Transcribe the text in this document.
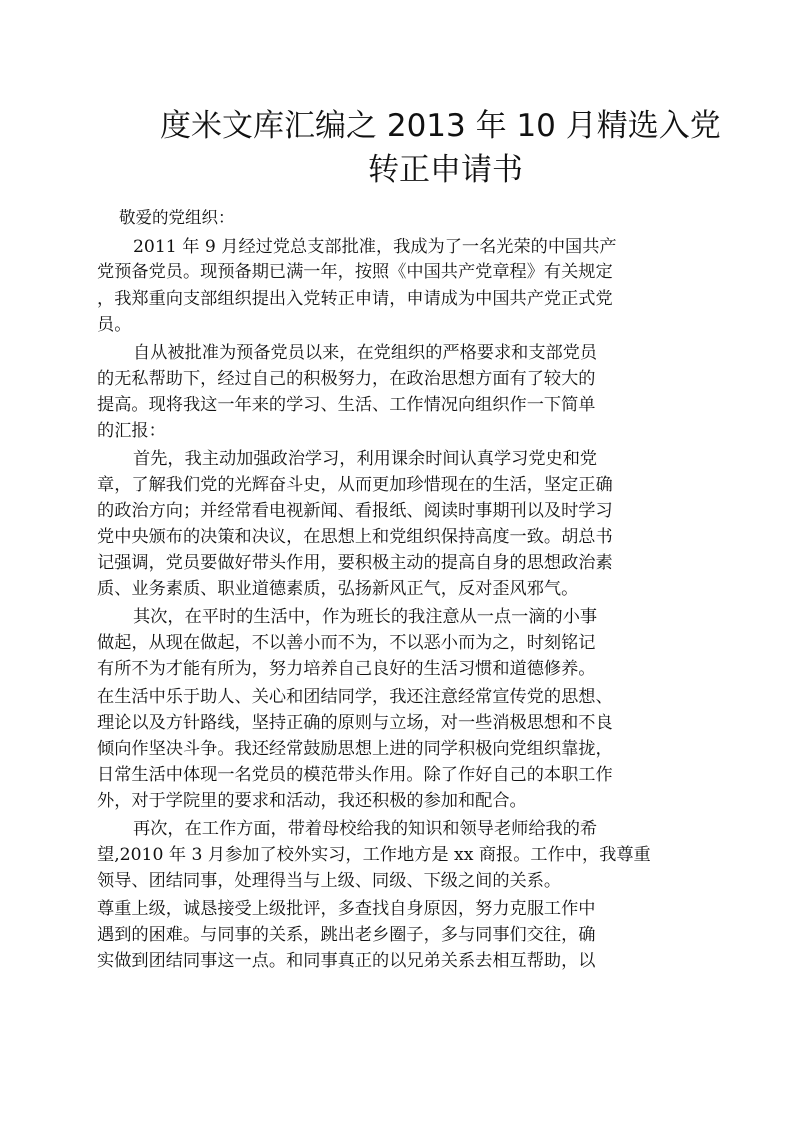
度米文库汇编之 2013 年 10 月精选入党
转正申请书
敬爱的党组织：
2011 年 9 月经过党总支部批准，我成为了一名光荣的中国共产
党预备党员。现预备期已满一年，按照《中国共产党章程》有关规定
，我郑重向支部组织提出入党转正申请，申请成为中国共产党正式党
员。
自从被批准为预备党员以来，在党组织的严格要求和支部党员
的无私帮助下，经过自己的积极努力，在政治思想方面有了较大的
提高。现将我这一年来的学习、生活、工作情况向组织作一下简单
的汇报：
首先，我主动加强政治学习，利用课余时间认真学习党史和党
章，了解我们党的光辉奋斗史，从而更加珍惜现在的生活，坚定正确
的政治方向；并经常看电视新闻、看报纸、阅读时事期刊以及时学习
党中央颁布的决策和决议，在思想上和党组织保持高度一致。胡总书
记强调，党员要做好带头作用，要积极主动的提高自身的思想政治素
质、业务素质、职业道德素质，弘扬新风正气，反对歪风邪气。
其次，在平时的生活中，作为班长的我注意从一点一滴的小事
做起，从现在做起，不以善小而不为，不以恶小而为之，时刻铭记
有所不为才能有所为，努力培养自己良好的生活习惯和道德修养。
在生活中乐于助人、关心和团结同学，我还注意经常宣传党的思想、
理论以及方针路线，坚持正确的原则与立场，对一些消极思想和不良
倾向作坚决斗争。我还经常鼓励思想上进的同学积极向党组织靠拢，
日常生活中体现一名党员的模范带头作用。除了作好自己的本职工作
外，对于学院里的要求和活动，我还积极的参加和配合。
再次，在工作方面，带着母校给我的知识和领导老师给我的希
望,2010 年 3 月参加了校外实习，工作地方是 xx 商报。工作中，我尊重
领导、团结同事，处理得当与上级、同级、下级之间的关系。
尊重上级，诚恳接受上级批评，多查找自身原因，努力克服工作中
遇到的困难。与同事的关系，跳出老乡圈子，多与同事们交往，确
实做到团结同事这一点。和同事真正的以兄弟关系去相互帮助，以
